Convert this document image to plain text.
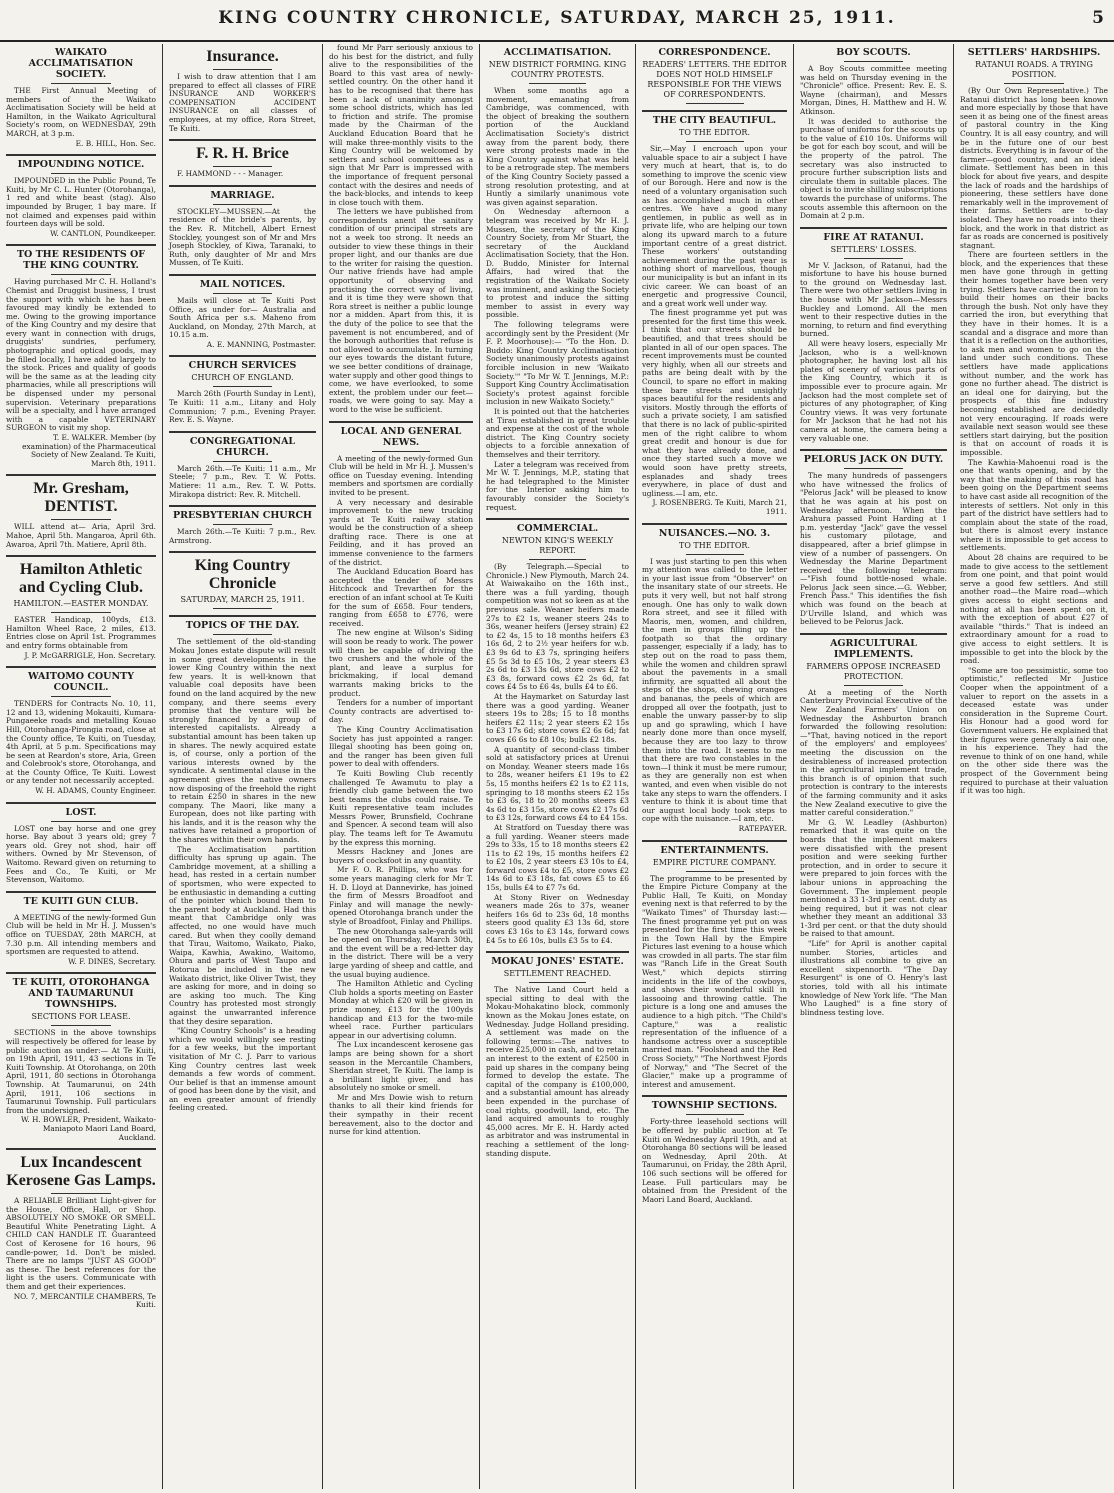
KING COUNTRY CHRONICLE, SATURDAY, MARCH 25, 1911.	5
WAIKATO ACCLIMATISATION SOCIETY.

THE First Annual Meeting of members of the Waikato Acclimatisation Society will be held at Hamilton, in the Waikato Agricultural Society's room, on WEDNESDAY, 29th MARCH, at 3 p.m.

E. B. HILL, Hon. Sec.
IMPOUNDING NOTICE.

IMPOUNDED in the Public Pound, Te Kuiti, by Mr C. L. Hunter (Otorohanga), 1 red and white beast (stag). Also impounded by Bruger, 1 bay mare. If not claimed and expenses paid within fourteen days will be sold.

W. CANTLON, Poundkeeper.
TO THE RESIDENTS OF THE KING COUNTRY.

Having purchased Mr C. H. Holland's Chemist and Druggist business, I trust the support with which he has been favoured may kindly be extended to me. Owing to the growing importance of the King Country and my desire that every want in connection with drugs, druggists' sundries, perfumery, photographic and optical goods, may be filled locally, I have added largely to the stock. Prices and quality of goods will be the same as at the leading city pharmacies, while all prescriptions will be dispensed under my personal supervision. Veterinary preparations will be a specialty, and I have arranged with a capable VETERINARY SURGEON to visit my shop.

T. E. WALKER. Member (by examination) of the Pharmaceutical Society of New Zealand. Te Kuiti, March 8th, 1911.
Mr. Gresham, DENTIST.

WILL attend at— Aria, April 3rd. Mahoe, April 5th. Mangaroa, April 6th. Awaroa, April 7th. Matiere, April 8th.

Hamilton Athletic and Cycling Club.
HAMILTON.—EASTER MONDAY.

EASTER Handicap, 100yds, £13. Hamilton Wheel Race, 2 miles, £13. Entries close on April 1st. Programmes and entry forms obtainable from

J. P. McGARRIGLE, Hon. Secretary.
WAITOMO COUNTY COUNCIL.

TENDERS for Contracts No. 10, 11, 12 and 13, widening Mokauiti, Kumara-Pungaeeke roads and metalling Kouao Hill, Otorohanga-Pirongia road, close at the County office, Te Kuiti, on Tuesday, 4th April, at 5 p.m. Specifications may be seen at Reardon's store, Aria, Green and Colebrook's store, Otorohanga, and at the County Office, Te Kuiti. Lowest or any tender not necessarily accepted.

W. H. ADAMS, County Engineer.
LOST.

LOST one bay horse and one grey horse. Bay about 3 years old; grey 7 years old. Grey not shod, hair off withers. Owned by Mr Stevenson, of Waitomo. Reward given on returning to Fees and Co., Te Kuiti, or Mr Stevenson, Waitomo.

TE KUITI GUN CLUB.

A MEETING of the newly-formed Gun Club will be held in Mr H. J. Mussen's office on TUESDAY, 28th MARCH, at 7.30 p.m. All intending members and sportsmen are requested to attend.

W. F. DINES, Secretary.
TE KUITI, OTOROHANGA AND TAUMARUNUI TOWNSHIPS.
SECTIONS FOR LEASE.

SECTIONS in the above townships will respectively be offered for lease by public auction as under:— At Te Kuiti, on 19th April, 1911, 43 sections in Te Kuiti Township. At Otorohanga, on 20th April, 1911, 80 sections in Otorohanga Township. At Taumarunui, on 24th April, 1911, 106 sections in Taumarunui Township. Full particulars from the undersigned.

W. H. BOWLER, President, Waikato-Maniapoto Maori Land Board, Auckland.
Lux Incandescent Kerosene Gas Lamps.

A RELIABLE Brilliant Light-giver for the House, Office, Hall, or Shop. ABSOLUTELY NO SMOKE OR SMELL. Beautiful White Penetrating Light. A CHILD CAN HANDLE IT. Guaranteed Cost of Kerosene for 16 hours, 96 candle-power, 1d. Don't be misled. There are no lamps "JUST AS GOOD" as these. The best references for the light is the users. Communicate with them and get their experiences.

NO. 7, MERCANTILE CHAMBERS, Te Kuiti.
Insurance.

I wish to draw attention that I am prepared to effect all classes of FIRE INSURANCE AND WORKER'S COMPENSATION ACCIDENT INSURANCE on all classes of employees, at my office, Rora Street, Te Kuiti.

F. R. H. Brice

F. HAMMOND - - - Manager.

MARRIAGE.

STOCKLEY—MUSSEN.—At the residence of the bride's parents, by the Rev. R. Mitchell, Albert Ernest Stockley, youngest son of Mr and Mrs Joseph Stockley, of Kiwa, Taranaki, to Ruth, only daughter of Mr and Mrs Mussen, of Te Kuiti.

MAIL NOTICES.

Mails will close at Te Kuiti Post Office, as under for— Australia and South Africa per s.s. Maheno from Auckland, on Monday, 27th March, at 10.15 a.m.

A. E. MANNING, Postmaster.
CHURCH SERVICES
CHURCH OF ENGLAND.

March 26th (Fourth Sunday in Lent), Te Kuiti: 11 a.m., Litany and Holy Communion; 7 p.m., Evening Prayer. Rev. E. S. Wayne.

CONGREGATIONAL CHURCH.

March 26th.—Te Kuiti: 11 a.m., Mr Steele; 7 p.m., Rev. T. W. Potts. Matiere: 11 a.m., Rev. T. W. Potts. Mirakopa district: Rev. R. Mitchell.

PRESBYTERIAN CHURCH

March 26th.—Te Kuiti: 7 p.m., Rev. Armstrong.

King Country Chronicle
SATURDAY, MARCH 25, 1911.
TOPICS OF THE DAY.

The settlement of the old-standing Mokau Jones estate dispute will result in some great developments in the lower King Country within the next few years. It is well-known that valuable coal deposits have been found on the land acquired by the new company, and there seems every promise that the venture will be strongly financed by a group of interested capitalists. Already a substantial amount has been taken up in shares. The newly acquired estate is, of course, only a portion of the various interests owned by the syndicate. A sentimental clause in the agreement gives the native owners now disposing of the freehold the right to retain £250 in shares in the new company. The Maori, like many a European, does not like parting with his lands, and it is the reason why the natives have retained a proportion of the shares within their own hands.

The Acclimatisation partition difficulty has sprung up again. The Cambridge movement, at a shilling a head, has rested in a certain number of sportsmen, who were expected to be enthusiastic in demanding a cutting of the pointer which bound them to the parent body at Auckland. Had this meant that Cambridge only was affected, no one would have much cared. But when they coolly demand that Tirau, Waitomo, Waikato, Piako, Waipa, Kawhia, Awakino, Waitomo, Ohura and parts of West Taupo and Rotorua be included in the new Waikato district, like Oliver Twist, they are asking for more, and in doing so are asking too much. The King Country has protested most strongly against the unwarranted inference that they desire separation.

"King Country Schools" is a heading which we would willingly see resting for a few weeks, but the important visitation of Mr C. J. Parr to various King Country centres last week demands a few words of comment. Our belief is that an immense amount of good has been done by the visit, and an even greater amount of friendly feeling created.

found Mr Parr seriously anxious to do his best for the district, and fully alive to the responsibilities of the Board to this vast area of newly-settled country. On the other hand it has to be recognised that there has been a lack of unanimity amongst some school districts, which has led to friction and strife. The promise made by the Chairman of the Auckland Education Board that he will make three-monthly visits to the King Country will be welcomed by settlers and school committees as a sign that Mr Parr is impressed with the importance of frequent personal contact with the desires and needs of the back-blocks, and intends to keep in close touch with them.

The letters we have published from correspondents anent the sanitary condition of our principal streets are not a week too strong. It needs an outsider to view these things in their proper light, and our thanks are due to the writer for raising the question. Our native friends have had ample opportunity of observing and practising the correct way of living, and it is time they were shown that Rora street is neither a public lounge nor a midden. Apart from this, it is the duty of the police to see that the pavement is not encumbered, and of the borough authorities that refuse is not allowed to accumulate. In turning our eyes towards the distant future, we see better conditions of drainage, water supply and other good things to come, we have everlooked, to some extent, the problem under our feet—roads, we were going to say. May a word to the wise be sufficient.

LOCAL AND GENERAL NEWS.

A meeting of the newly-formed Gun Club will be held in Mr H. J. Mussen's office on Tuesday evening. Intending members and sportsmen are cordially invited to be present.

A very necessary and desirable improvement to the new trucking yards at Te Kuiti railway station would be the construction of a sheep drafting race. There is one at Feilding, and it has proved an immense convenience to the farmers of the district.

The Auckland Education Board has accepted the tender of Messrs Hitchcock and Trevarthen for the erection of an infant school at Te Kuiti for the sum of £658. Four tenders, ranging from £658 to £776, were received.

The new engine at Wilson's Siding will soon be ready to work. The power will then be capable of driving the two crushers and the whole of the plant, and leave a surplus for brickmaking, if local demand warrants making bricks to the product.

Tenders for a number of important County contracts are advertised to-day.

The King Country Acclimatisation Society has just appointed a ranger. Illegal shooting has been going on, and the ranger has been given full power to deal with offenders.

Te Kuiti Bowling Club recently challenged Te Awamutu to play a friendly club game between the two best teams the clubs could raise. Te Kuiti representative team includes Messrs Power, Brunsfield, Cochrane and Spencer. A second team will also play. The teams left for Te Awamutu by the express this morning.

Messrs Hackney and Jones are buyers of cocksfoot in any quantity.

Mr F. O. R. Phillips, who was for some years managing clerk for Mr T. H. D. Lloyd at Dannevirke, has joined the firm of Messrs Broadfoot and Finlay and will manage the newly-opened Otorohanga branch under the style of Broadfoot, Finlay and Phillips.

The new Otorohanga sale-yards will be opened on Thursday, March 30th, and the event will be a red-letter day in the district. There will be a very large yarding of sheep and cattle, and the usual buying audience.

The Hamilton Athletic and Cycling Club holds a sports meeting on Easter Monday at which £20 will be given in prize money, £13 for the 100yds handicap and £13 for the two-mile wheel race. Further particulars appear in our advertising column.

The Lux incandescent kerosene gas lamps are being shown for a short season in the Mercantile Chambers, Sheridan street, Te Kuiti. The lamp is a brilliant light giver, and has absolutely no smoke or smell.

Mr and Mrs Dowie wish to return thanks to all their kind friends for their sympathy in their recent bereavement, also to the doctor and nurse for kind attention.

ACCLIMATISATION.
NEW DISTRICT FORMING. KING COUNTRY PROTESTS.

When some months ago a movement, emanating from Cambridge, was commenced, with the object of breaking the southern portion of the Auckland Acclimatisation Society's district away from the parent body, there were strong protests made in the King Country against what was held to be a retrograde step. The members of the King Country Society passed a strong resolution protesting, and at Huntly a similarly unanimous vote was given against separation.

On Wednesday afternoon a telegram was received by Mr H. J. Mussen, the secretary of the King Country Society, from Mr Stuart, the secretary of the Auckland Acclimatisation Society, that the Hon. D. Buddo, Minister for Internal Affairs, had wired that the registration of the Waikato Society was imminent, and asking the Society to protest and induce the sitting member to assist in every way possible.

The following telegrams were accordingly sent by the President (Mr F. P. Moorhouse):— "To the Hon. D. Buddo: King Country Acclimatisation Society unanimously protests against forcible inclusion in new 'Waikato Society.'" "To Mr W. T. Jennings, M.P.: Support King Country Acclimatisation Society's protest against forcible inclusion in new Waikato Society."

It is pointed out that the hatcheries at Tirau established in great trouble and expense at the cost of the whole district. The King Country society objects to a forcible annexation of themselves and their territory.

Later a telegram was received from Mr W. T. Jennings, M.P., stating that he had telegraphed to the Minister for the Interior asking him to favourably consider the Society's request.

COMMERCIAL.
NEWTON KING'S WEEKLY REPORT.

(By Telegraph.—Special to Chronicle.) New Plymouth, March 24. At Waiwakaiho on the 16th inst., there was a full yarding, though competition was not so keen as at the previous sale. Weaner heifers made 27s to £2 1s, weaner steers 24s to 36s, weaner heifers (Jersey strain) £2 to £2 4s, 15 to 18 months heifers £3 16s 6d, 2 to 2½ year heifers for w.b. £3 9s 6d to £3 7s, springing heifers £5 5s 3d to £5 10s, 2 year steers £3 2s 6d to £3 13s 6d, store cows £2 to £3 8s, forward cows £2 2s 6d, fat cows £4 5s to £6 4s, bulls £4 to £6.

At the Haymarket on Saturday last there was a good yarding. Weaner steers 19s to 28s; 15 to 18 months heifers £2 11s; 2 year steers £2 15s to £3 17s 6d; store cows £2 6s 6d; fat cows £6 6s to £8 10s; bulls £2 18s.

A quantity of second-class timber sold at satisfactory prices at Urenui on Monday. Weaner steers made 16s to 28s, weaner heifers £1 19s to £2 5s, 15 months heifers £2 1s to £2 11s, springing to 18 months steers £2 15s to £3 6s, 18 to 20 months steers £3 4s 6d to £3 15s, store cows £2 17s 6d to £3 12s, forward cows £4 to £4 15s.

At Stratford on Tuesday there was a full yarding. Weaner steers made 29s to 33s, 15 to 18 months steers £2 11s to £2 19s, 15 months heifers £2 to £2 10s, 2 year steers £3 10s to £4, forward cows £4 to £5, store cows £2 14s 6d to £3 18s, fat cows £5 to £6 15s, bulls £4 to £7 7s 6d.

At Stony River on Wednesday weaners made 26s to 37s, weaner heifers 16s 6d to 23s 6d, 18 months steers good quality £3 13s 6d, store cows £3 16s to £3 14s, forward cows £4 5s to £6 10s, bulls £3 5s to £4.

MOKAU JONES' ESTATE.
SETTLEMENT REACHED.

The Native Land Court held a special sitting to deal with the Mokau-Mohakatino block, commonly known as the Mokau Jones estate, on Wednesday. Judge Holland presiding. A settlement was made on the following terms:—The natives to receive £25,000 in cash, and to retain an interest to the extent of £2500 in paid up shares in the company being formed to develop the estate. The capital of the company is £100,000, and a substantial amount has already been expended in the purchase of coal rights, goodwill, land, etc. The land acquired amounts to roughly 45,000 acres. Mr E. H. Hardy acted as arbitrator and was instrumental in reaching a settlement of the long-standing dispute.

CORRESPONDENCE.
READERS' LETTERS. THE EDITOR DOES NOT HOLD HIMSELF RESPONSIBLE FOR THE VIEWS OF CORRESPONDENTS.
THE CITY BEAUTIFUL.
TO THE EDITOR.

Sir,—May I encroach upon your valuable space to air a subject I have very much at heart, that is, to do something to improve the scenic view of our Borough. Here and now is the need of a voluntary organisation such as has accomplished much in other centres. We have a good many gentlemen, in public as well as in private life, who are helping our town along its upward march to a future important centre of a great district. These workers' outstanding achievement during the past year is nothing short of marvellous, though our municipality is but an infant in its civic career. We can boast of an energetic and progressive Council, and a great work well under way.

The finest programme yet put was presented for the first time this week. I think that our streets should be beautified, and that trees should be planted in all of our open spaces. The recent improvements must be counted very highly, when all our streets and paths are being dealt with by the Council, to spare no effort in making these bare streets and unsightly spaces beautiful for the residents and visitors. Mostly through the efforts of such a private society, I am satisfied that there is no lack of public-spirited men of the right calibre to whom great credit and honour is due for what they have already done, and once they started such a move we would soon have pretty streets, esplanades and shady trees everywhere, in place of dust and ugliness.—I am, etc.

J. ROSENBERG. Te Kuiti, March 21, 1911.
NUISANCES.—NO. 3.
TO THE EDITOR.

I was just starting to pen this when my attention was called to the letter in your last issue from "Observer" on the insanitary state of our streets. He puts it very well, but not half strong enough. One has only to walk down Rora street, and see it filled with Maoris, men, women, and children, the men in groups filling up the footpath so that the ordinary passenger, especially if a lady, has to step out on the road to pass them, while the women and children sprawl about the pavements in a small infirmity, are squatted all about the steps of the shops, chewing oranges and bananas, the peels of which are dropped all over the footpath, just to enable the unwary passer-by to slip up and go sprawling, which I have nearly done more than once myself, because they are too lazy to throw them into the road. It seems to me that there are two constables in the town—I think it must be mere rumour, as they are generally non est when wanted, and even when visible do not take any steps to warn the offenders. I venture to think it is about time that our august local body took steps to cope with the nuisance.—I am, etc.

RATEPAYER.
ENTERTAINMENTS.
EMPIRE PICTURE COMPANY.

The programme to be presented by the Empire Picture Company at the Public Hall, Te Kuiti, on Monday evening next is that referred to by the "Waikato Times" of Thursday last:—The finest programme yet put on was presented for the first time this week in the Town Hall by the Empire Pictures last evening to a house which was crowded in all parts. The star film was "Ranch Life in the Great South West," which depicts stirring incidents in the life of the cowboys, and shows their wonderful skill in lassooing and throwing cattle. The picture is a long one and amuses the audience to a high pitch. "The Child's Capture," was a realistic representation of the influence of a handsome actress over a susceptible married man. "Foolshead and the Red Cross Society," "The Northwest Fjords of Norway," and "The Secret of the Glacier," make up a programme of interest and amusement.

TOWNSHIP SECTIONS.

Forty-three leasehold sections will be offered by public auction at Te Kuiti on Wednesday April 19th, and at Otorohanga 80 sections will be leased on Wednesday, April 20th. At Taumarunui, on Friday, the 28th April, 106 such sections will be offered for Lease. Full particulars may be obtained from the President of the Maori Land Board, Auckland.

BOY SCOUTS.

A Boy Scouts committee meeting was held on Thursday evening in the "Chronicle" office. Present: Rev. E. S. Wayne (chairman), and Messrs Morgan, Dines, H. Matthew and H. W. Atkinson.

It was decided to authorise the purchase of uniforms for the scouts up to the value of £10 10s. Uniforms will be got for each boy scout, and will be the property of the patrol. The secretary was also instructed to procure further subscription lists and circulate them in suitable places. The object is to invite shilling subscriptions towards the purchase of uniforms. The scouts assemble this afternoon on the Domain at 2 p.m.

FIRE AT RATANUI.
SETTLERS' LOSSES.

Mr V. Jackson, of Ratanui, had the misfortune to have his house burned to the ground on Wednesday last. There were two other settlers living in the house with Mr Jackson—Messrs Buckley and Lomond. All the men went to their respective duties in the morning, to return and find everything burned.

All were heavy losers, especially Mr Jackson, who is a well-known photographer, he having lost all his plates of scenery of various parts of the King Country, which it is impossible ever to procure again. Mr Jackson had the most complete set of pictures of any photographer, of King Country views. It was very fortunate for Mr Jackson that he had not his camera at home, the camera being a very valuable one.

PELORUS JACK ON DUTY.

The many hundreds of passengers who have witnessed the frolics of "Pelorus Jack" will be pleased to know that he was again at his post on Wednesday afternoon. When the Arahura passed Point Harding at 1 p.m. yesterday "Jack" gave the vessel his customary pilotage, and disappeared, after a brief glimpse in view of a number of passengers. On Wednesday the Marine Department received the following telegram:—"Fish found bottle-nosed whale. Pelorus Jack seen since.—G. Webber, French Pass." This identifies the fish which was found on the beach at D'Urville Island, and which was believed to be Pelorus Jack.

AGRICULTURAL IMPLEMENTS.
FARMERS OPPOSE INCREASED PROTECTION.

At a meeting of the North Canterbury Provincial Executive of the New Zealand Farmers' Union on Wednesday the Ashburton branch forwarded the following resolution:—"That, having noticed in the report of the employers' and employees' meeting the discussion on the desirableness of increased protection in the agricultural implement trade, this branch is of opinion that such protection is contrary to the interests of the farming community and it asks the New Zealand executive to give the matter careful consideration."

Mr G. W. Leadley (Ashburton) remarked that it was quite on the boards that the implement makers were dissatisfied with the present position and were seeking further protection, and in order to secure it were prepared to join forces with the labour unions in approaching the Government. The implement people mentioned a 33 1-3rd per cent. duty as being required, but it was not clear whether they meant an additional 33 1-3rd per cent. or that the duty should be raised to that amount.

"Life" for April is another capital number. Stories, articles and illustrations all combine to give an excellent sixpennorth. "The Day Resurgent" is one of O. Henry's last stories, told with all his intimate knowledge of New York life. "The Man Who Laughed" is a fine story of blindness testing love.

SETTLERS' HARDSHIPS.
RATANUI ROADS. A TRYING POSITION.

(By Our Own Representative.) The Ratanui district has long been known and more especially by those that have seen it as being one of the finest areas of pastoral country in the King Country. It is all easy country, and will be in the future one of our best districts. Everything is in favour of the farmer—good country, and an ideal climate. Settlement has been in this block for about five years, and despite the lack of roads and the hardships of pioneering, these settlers have done remarkably well in the improvement of their farms. Settlers are to-day isolated. They have no roads into their block, and the work in that district as far as roads are concerned is positively stagnant.

There are fourteen settlers in the block, and the experiences that these men have gone through in getting their homes together have been very trying. Settlers have carried the iron to build their homes on their backs through the bush. Not only have they carried the iron, but everything that they have in their homes. It is a scandal and a disgrace and more than that it is a reflection on the authorities, to ask men and women to go on the land under such conditions. These settlers have made applications without number, and the work has gone no further ahead. The district is an ideal one for dairying, but the prospects of this fine industry becoming established are decidedly not very encouraging. If roads were available next season would see these settlers start dairying, but the position is that on account of roads it is impossible.

The Kawhia-Mahoenui road is the one that wants opening, and by the way that the making of this road has been going on the Department seems to have cast aside all recognition of the interests of settlers. Not only in this part of the district have settlers had to complain about the state of the road, but there is almost every instance where it is impossible to get access to settlements.

About 28 chains are required to be made to give access to the settlement from one point, and that point would serve a good few settlers. And still another road—the Maire road—which gives access to eight sections and nothing at all has been spent on it, with the exception of about £27 of available "thirds." That is indeed an extraordinary amount for a road to give access to eight settlers. It is impossible to get into the block by the road.

"Some are too pessimistic, some too optimistic," reflected Mr Justice Cooper when the appointment of a valuer to report on the assets in a deceased estate was under consideration in the Supreme Court. His Honour had a good word for Government valuers. He explained that their figures were generally a fair one, in his experience. They had the revenue to think of on one hand, while on the other side there was the prospect of the Government being required to purchase at their valuation if it was too high.
